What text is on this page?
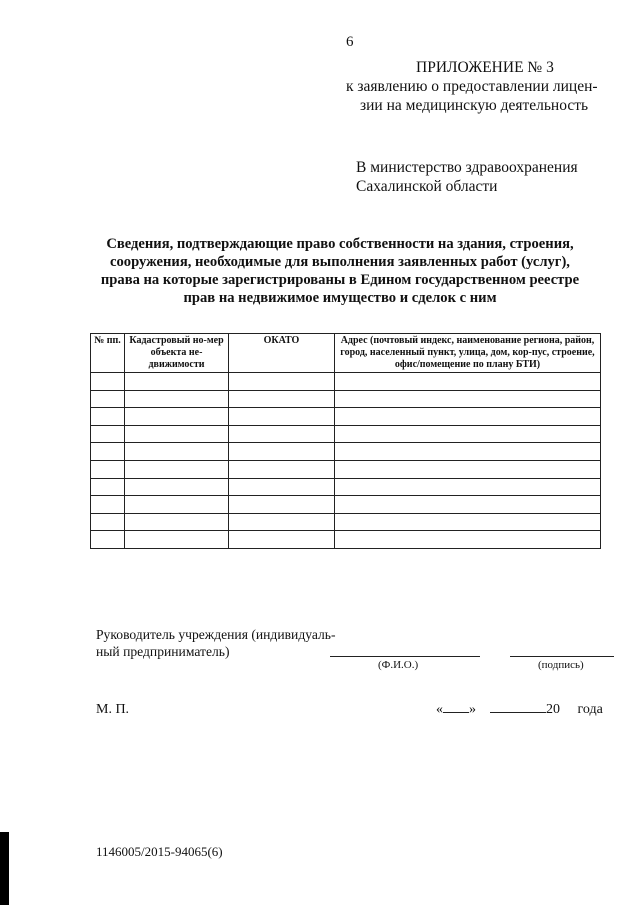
6
ПРИЛОЖЕНИЕ № 3
к заявлению о предоставлении лицен-
зии на медицинскую деятельность
В министерство здравоохранения
Сахалинской области
Сведения, подтверждающие право собственности на здания, строения,
сооружения, необходимые для выполнения заявленных работ (услуг),
права на которые зарегистрированы в Едином государственном реестре
прав на недвижимое имущество и сделок с ним
№ пп.	Кадастровый но-мер объекта не-движимости	ОКАТО	Адрес (почтовый индекс, наименование региона, район, город, населенный пункт, улица, дом, кор-пус, строение, офис/помещение по плану БТИ)

Руководитель учреждения (индивидуаль-
ный предприниматель)
(Ф.И.О.)	(подпись)
М. П.	« »	20 года
1146005/2015-94065(6)
